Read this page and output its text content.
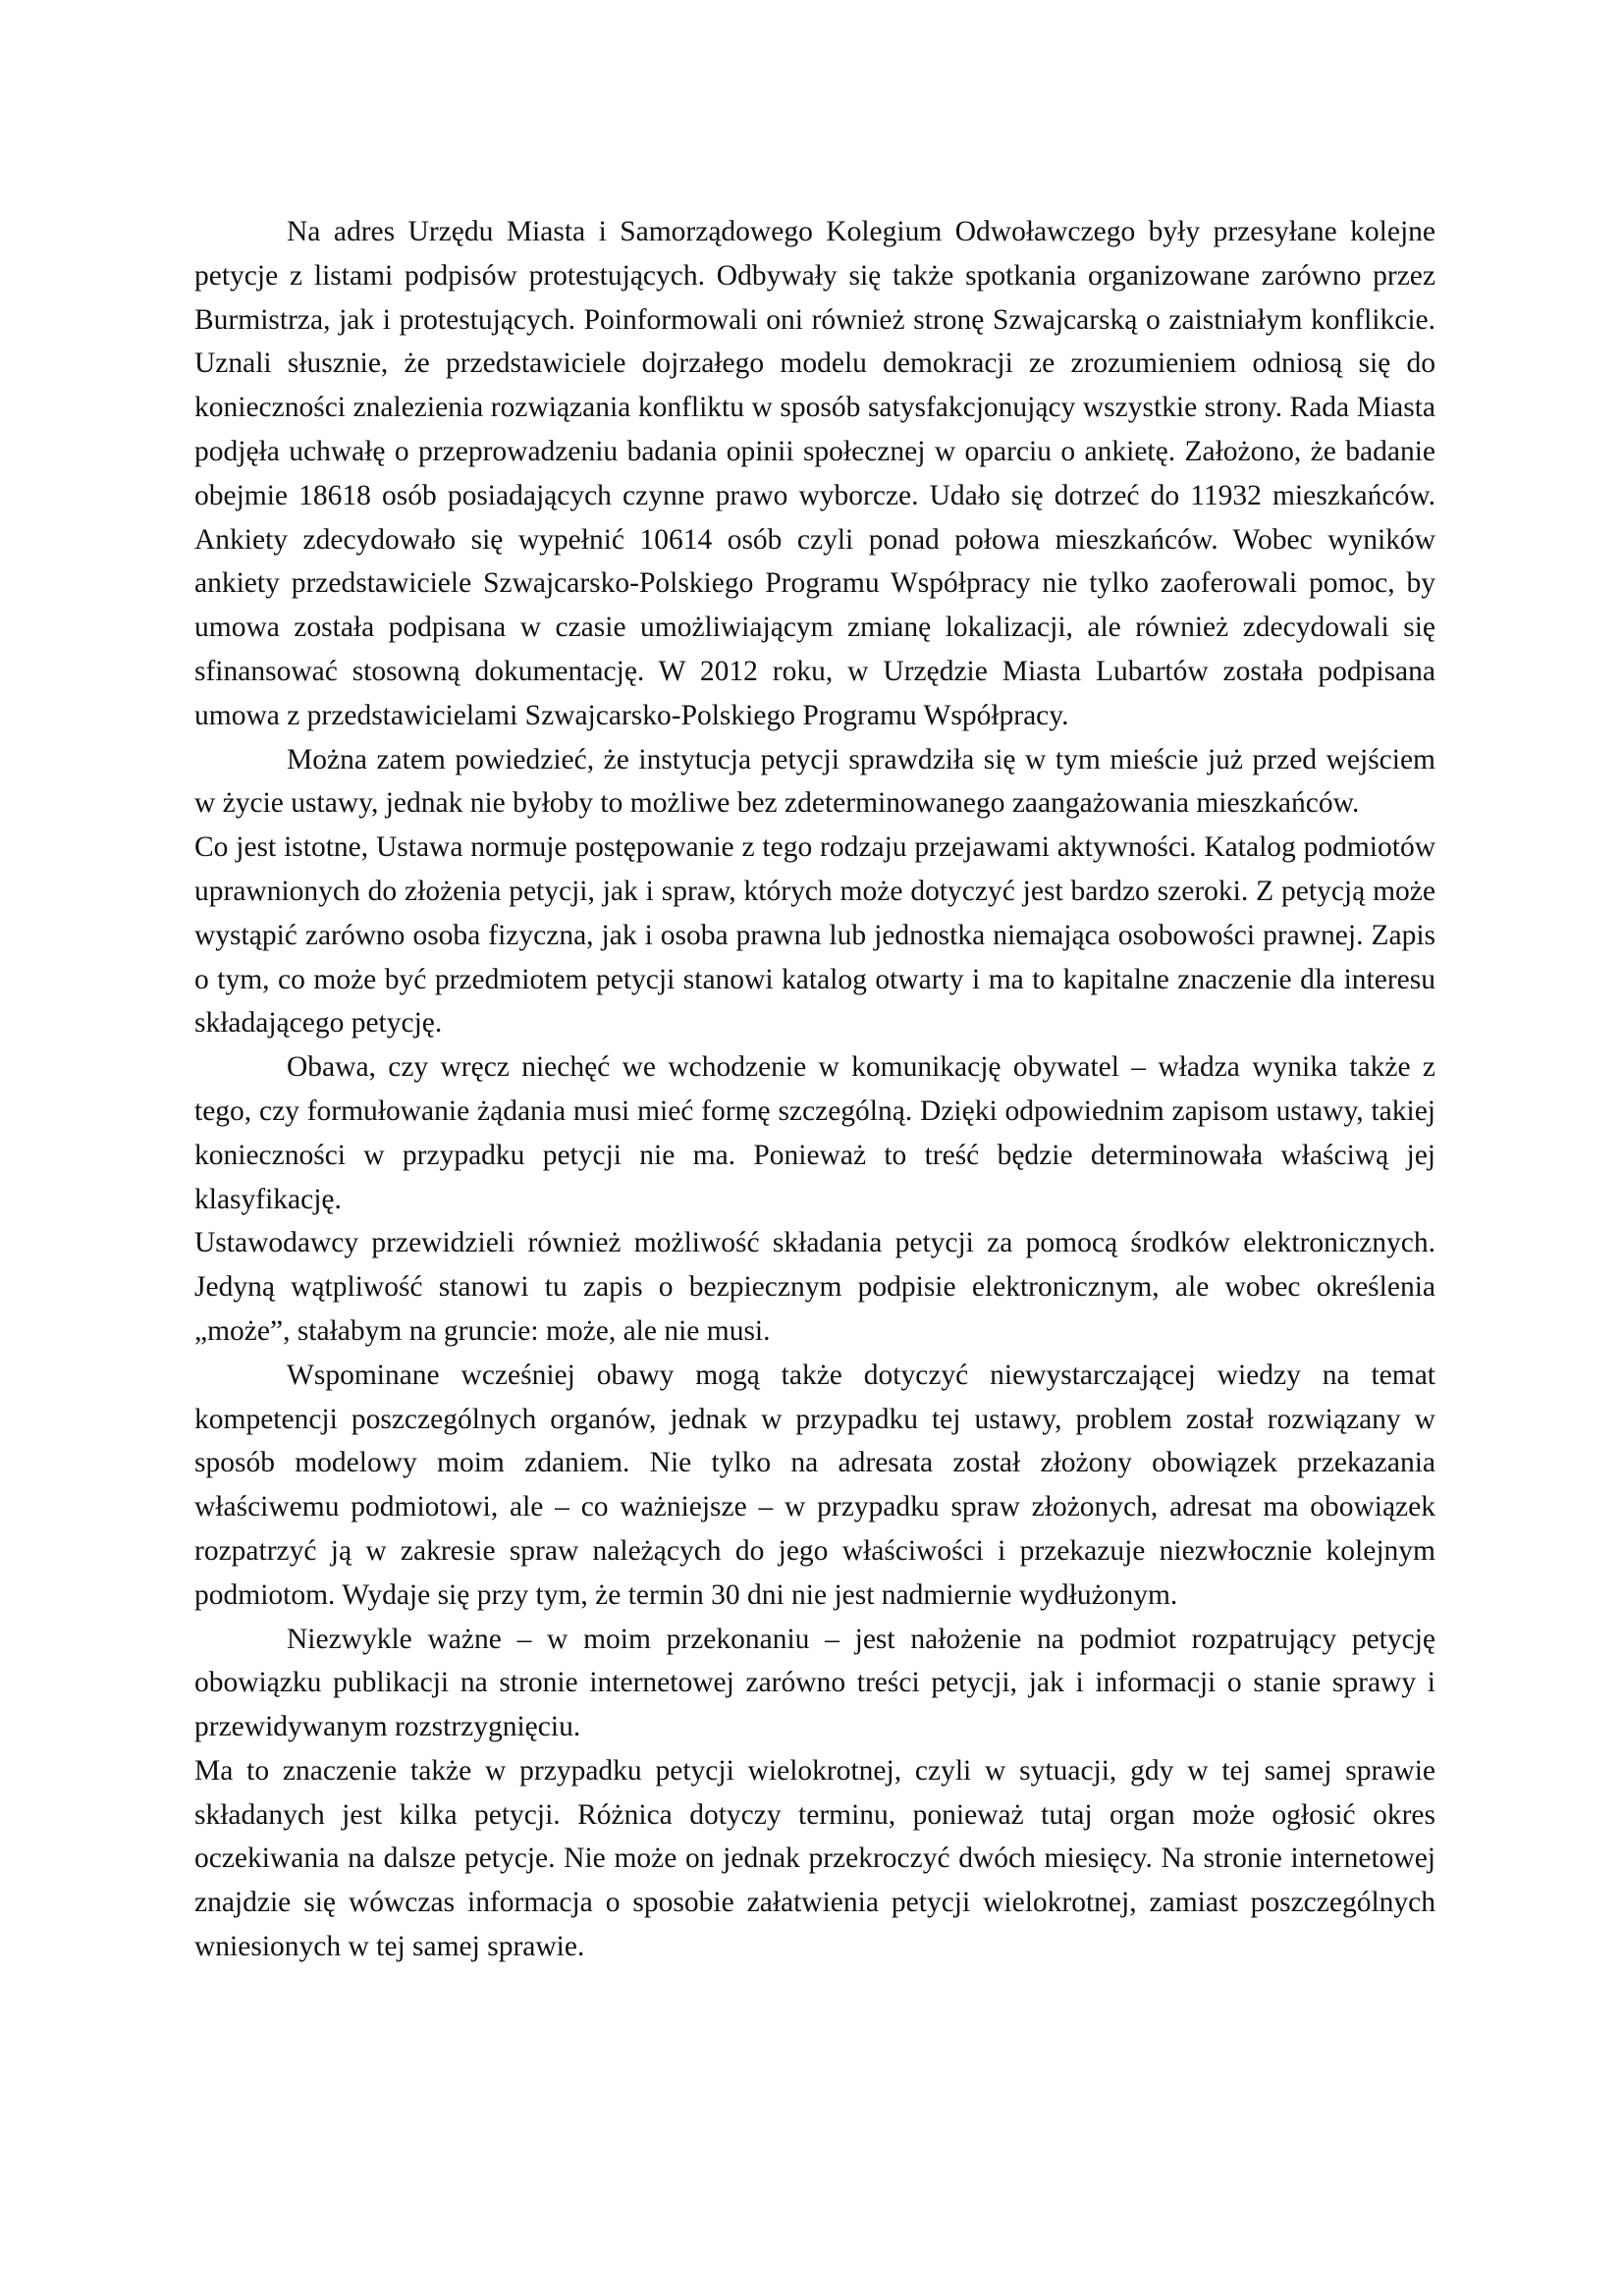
Na adres Urzędu Miasta i Samorządowego Kolegium Odwoławczego były przesyłane kolejne petycje z listami podpisów protestujących. Odbywały się także spotkania organizowane zarówno przez Burmistrza, jak i protestujących. Poinformowali oni również stronę Szwajcarską o zaistniałym konflikcie. Uznali słusznie, że przedstawiciele dojrzałego modelu demokracji ze zrozumieniem odniosą się do konieczności znalezienia rozwiązania konfliktu w sposób satysfakcjonujący wszystkie strony. Rada Miasta podjęła uchwałę o przeprowadzeniu badania opinii społecznej w oparciu o ankietę. Założono, że badanie obejmie 18618 osób posiadających czynne prawo wyborcze. Udało się dotrzeć do 11932 mieszkańców. Ankiety zdecydowało się wypełnić 10614 osób czyli ponad połowa mieszkańców. Wobec wyników ankiety przedstawiciele Szwajcarsko-Polskiego Programu Współpracy nie tylko zaoferowali pomoc, by umowa została podpisana w czasie umożliwiającym zmianę lokalizacji, ale również zdecydowali się sfinansować stosowną dokumentację. W 2012 roku, w Urzędzie Miasta Lubartów została podpisana umowa z przedstawicielami Szwajcarsko-Polskiego Programu Współpracy.

Można zatem powiedzieć, że instytucja petycji sprawdziła się w tym mieście już przed wejściem w życie ustawy, jednak nie byłoby to możliwe bez zdeterminowanego zaangażowania mieszkańców.

Co jest istotne, Ustawa normuje postępowanie z tego rodzaju przejawami aktywności. Katalog podmiotów uprawnionych do złożenia petycji, jak i spraw, których może dotyczyć jest bardzo szeroki. Z petycją może wystąpić zarówno osoba fizyczna, jak i osoba prawna lub jednostka niemająca osobowości prawnej. Zapis o tym, co może być przedmiotem petycji stanowi katalog otwarty i ma to kapitalne znaczenie dla interesu składającego petycję.

Obawa, czy wręcz niechęć we wchodzenie w komunikację obywatel – władza wynika także z tego, czy formułowanie żądania musi mieć formę szczególną. Dzięki odpowiednim zapisom ustawy, takiej konieczności w przypadku petycji nie ma. Ponieważ to treść będzie determinowała właściwą jej klasyfikację.

Ustawodawcy przewidzieli również możliwość składania petycji za pomocą środków elektronicznych. Jedyną wątpliwość stanowi tu zapis o bezpiecznym podpisie elektronicznym, ale wobec określenia „może”, stałabym na gruncie: może, ale nie musi.

Wspominane wcześniej obawy mogą także dotyczyć niewystarczającej wiedzy na temat kompetencji poszczególnych organów, jednak w przypadku tej ustawy, problem został rozwiązany w sposób modelowy moim zdaniem. Nie tylko na adresata został złożony obowiązek przekazania właściwemu podmiotowi, ale – co ważniejsze – w przypadku spraw złożonych, adresat ma obowiązek rozpatrzyć ją w zakresie spraw należących do jego właściwości i przekazuje niezwłocznie kolejnym podmiotom. Wydaje się przy tym, że termin 30 dni nie jest nadmiernie wydłużonym.

Niezwykle ważne – w moim przekonaniu – jest nałożenie na podmiot rozpatrujący petycję obowiązku publikacji na stronie internetowej zarówno treści petycji, jak i informacji o stanie sprawy i przewidywanym rozstrzygnięciu.

Ma to znaczenie także w przypadku petycji wielokrotnej, czyli w sytuacji, gdy w tej samej sprawie składanych jest kilka petycji. Różnica dotyczy terminu, ponieważ tutaj organ może ogłosić okres oczekiwania na dalsze petycje. Nie może on jednak przekroczyć dwóch miesięcy. Na stronie internetowej znajdzie się wówczas informacja o sposobie załatwienia petycji wielokrotnej, zamiast poszczególnych wniesionych w tej samej sprawie.
